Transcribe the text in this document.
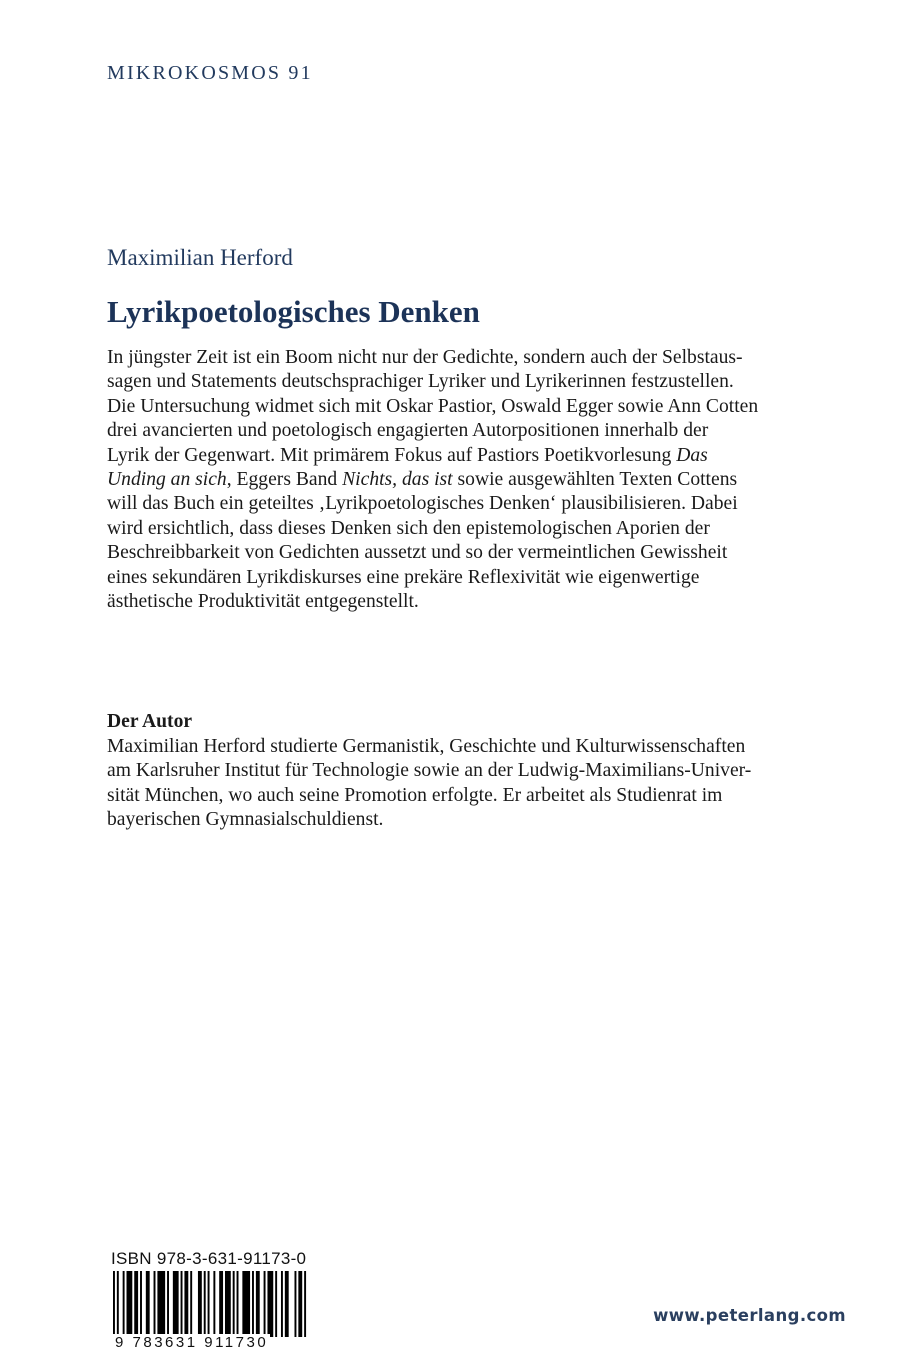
MIKROKOSMOS 91
Maximilian Herford
Lyrikpoetologisches Denken
In jüngster Zeit ist ein Boom nicht nur der Gedichte, sondern auch der Selbstaus-
sagen und Statements deutschsprachiger Lyriker und Lyrikerinnen festzustellen.
Die Untersuchung widmet sich mit Oskar Pastior, Oswald Egger sowie Ann Cotten
drei avancierten und poetologisch engagierten Autorpositionen innerhalb der
Lyrik der Gegenwart. Mit primärem Fokus auf Pastiors Poetikvorlesung Das
Unding an sich, Eggers Band Nichts, das ist sowie ausgewählten Texten Cottens
will das Buch ein geteiltes ‚Lyrikpoetologisches Denken‘ plausibilisieren. Dabei
wird ersichtlich, dass dieses Denken sich den epistemologischen Aporien der
Beschreibbarkeit von Gedichten aussetzt und so der vermeintlichen Gewissheit
eines sekundären Lyrikdiskurses eine prekäre Reflexivität wie eigenwertige
ästhetische Produktivität entgegenstellt.
Der Autor
Maximilian Herford studierte Germanistik, Geschichte und Kulturwissenschaften
am Karlsruher Institut für Technologie sowie an der Ludwig-Maximilians-Univer-
sität München, wo auch seine Promotion erfolgte. Er arbeitet als Studienrat im
bayerischen Gymnasialschuldienst.
ISBN 978-3-631-91173-0
9 783631 911730
www.peterlang.com
